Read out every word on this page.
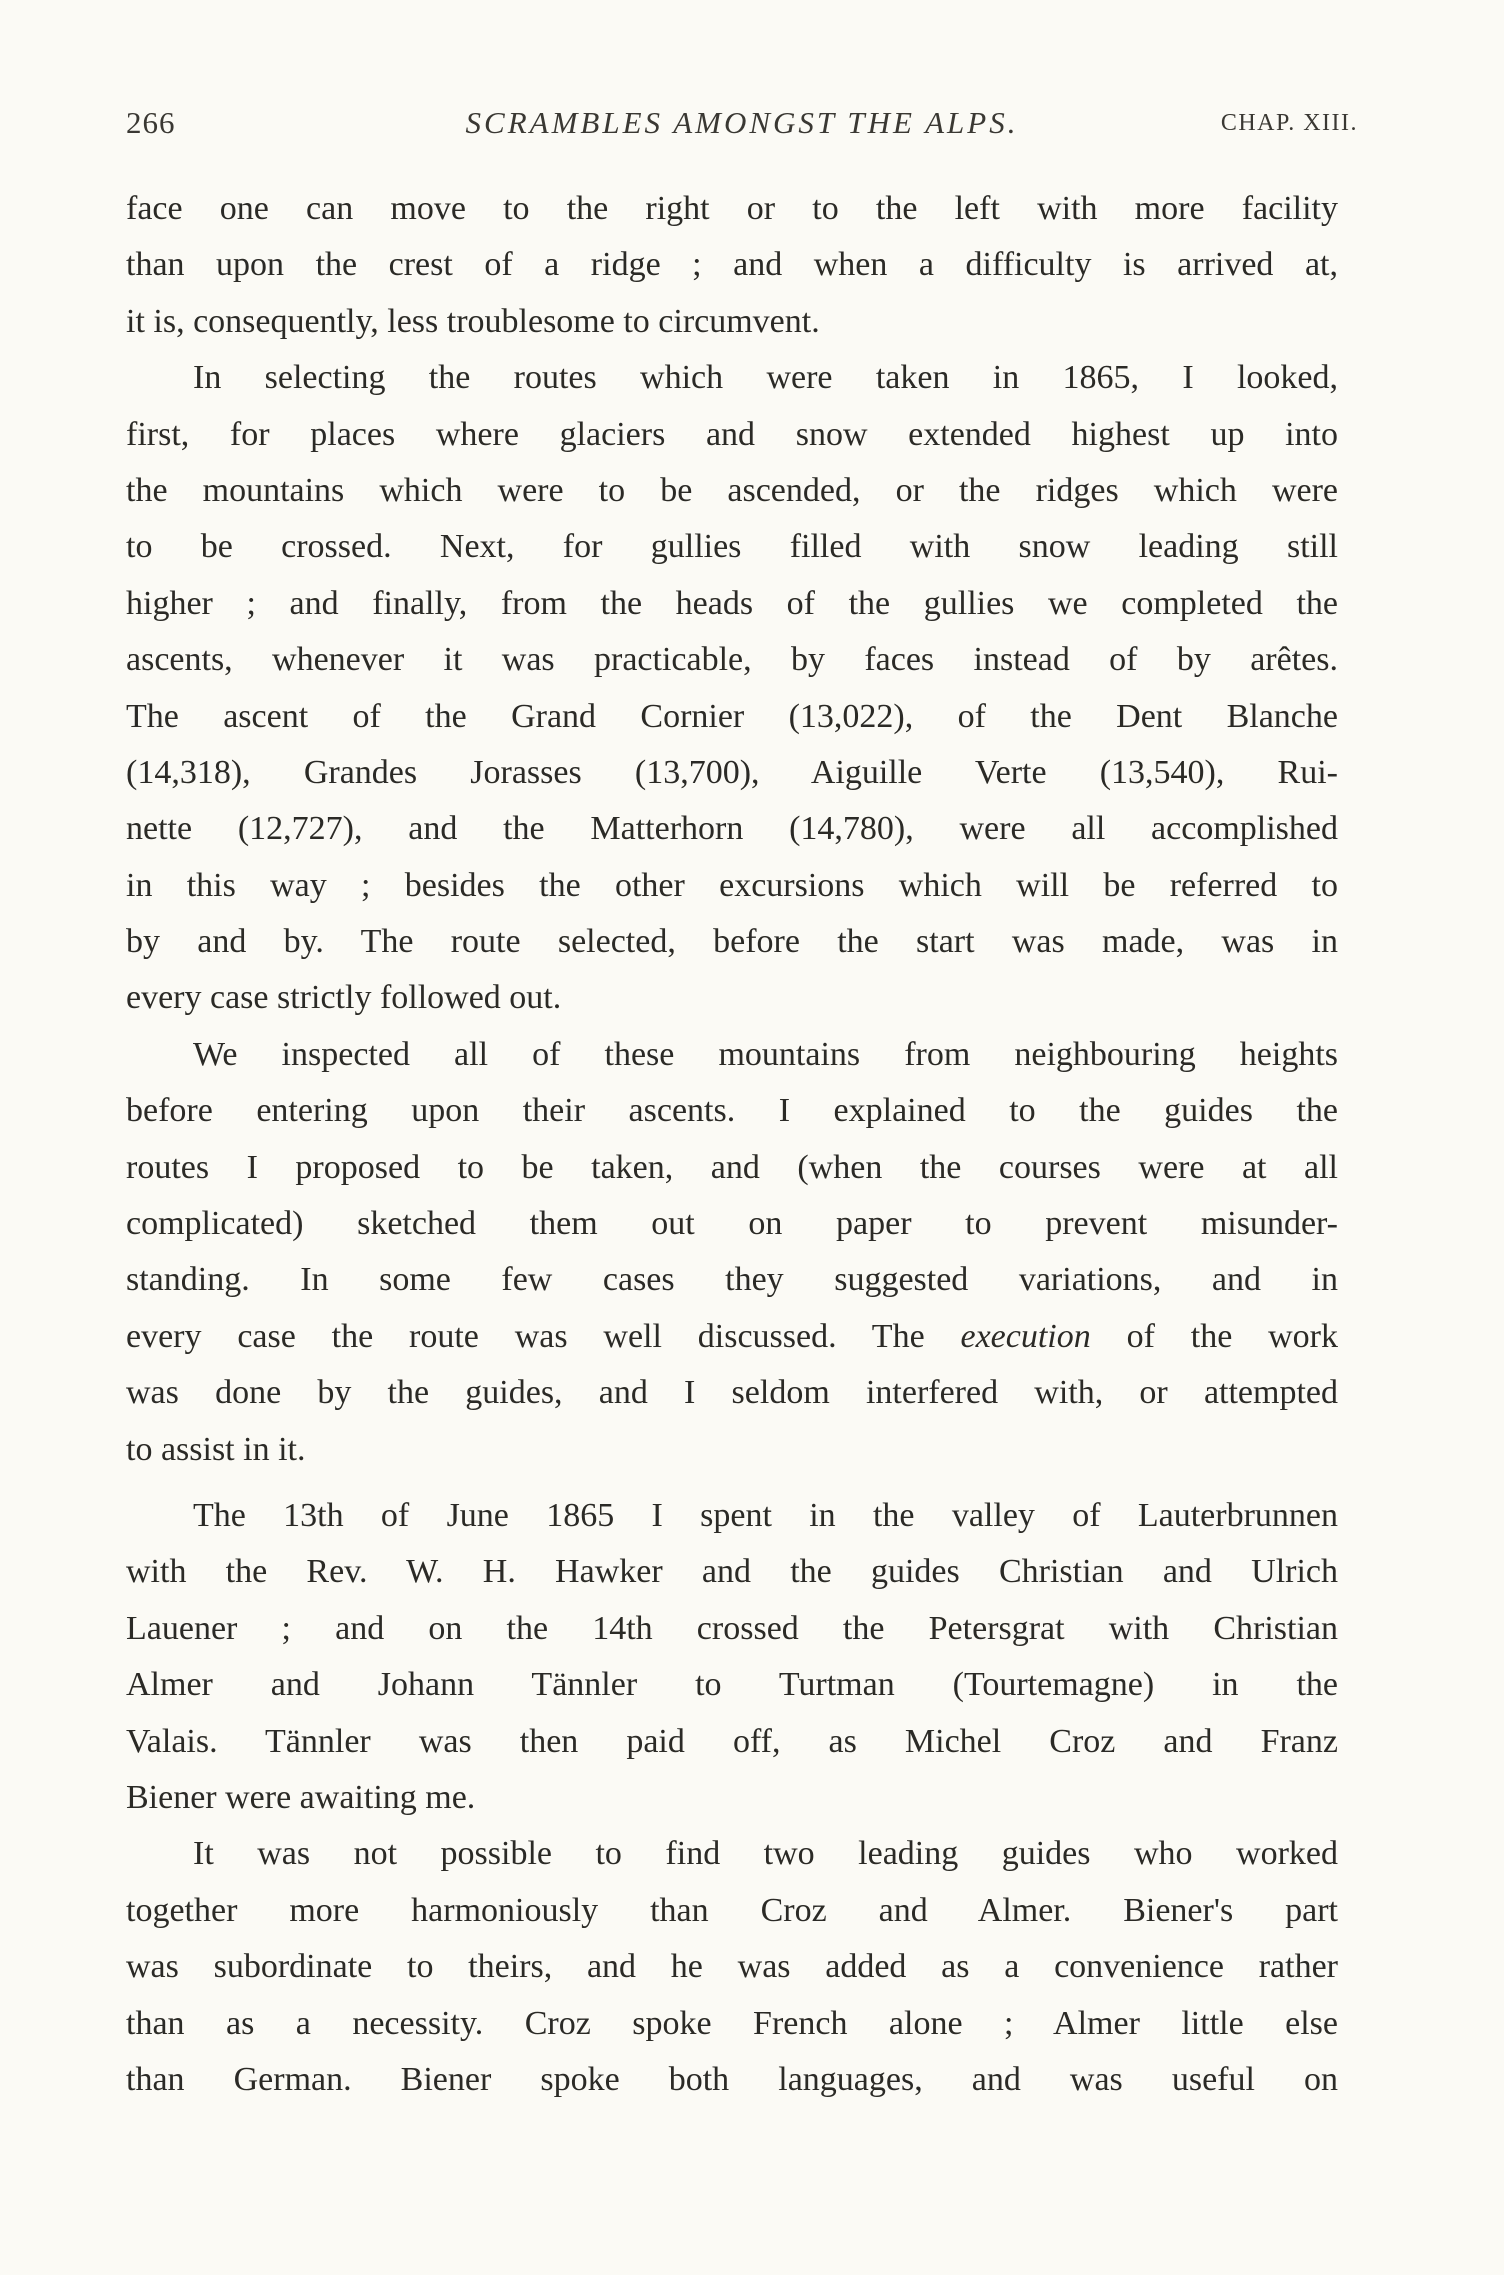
266	SCRAMBLES AMONGST THE ALPS.	CHAP. XIII.
face one can move to the right or to the left with more facility
than upon the crest of a ridge ; and when a difficulty is arrived at,
it is, consequently, less troublesome to circumvent.
In selecting the routes which were taken in 1865, I looked,
first, for places where glaciers and snow extended highest up into
the mountains which were to be ascended, or the ridges which were
to be crossed. Next, for gullies filled with snow leading still
higher ; and finally, from the heads of the gullies we completed the
ascents, whenever it was practicable, by faces instead of by arêtes.
The ascent of the Grand Cornier (13,022), of the Dent Blanche
(14,318), Grandes Jorasses (13,700), Aiguille Verte (13,540), Rui-
nette (12,727), and the Matterhorn (14,780), were all accomplished
in this way ; besides the other excursions which will be referred to
by and by. The route selected, before the start was made, was in
every case strictly followed out.
We inspected all of these mountains from neighbouring heights
before entering upon their ascents. I explained to the guides the
routes I proposed to be taken, and (when the courses were at all
complicated) sketched them out on paper to prevent misunder-
standing. In some few cases they suggested variations, and in
every case the route was well discussed. The execution of the work
was done by the guides, and I seldom interfered with, or attempted
to assist in it.
The 13th of June 1865 I spent in the valley of Lauterbrunnen
with the Rev. W. H. Hawker and the guides Christian and Ulrich
Lauener ; and on the 14th crossed the Petersgrat with Christian
Almer and Johann Tännler to Turtman (Tourtemagne) in the
Valais. Tännler was then paid off, as Michel Croz and Franz
Biener were awaiting me.
It was not possible to find two leading guides who worked
together more harmoniously than Croz and Almer. Biener's part
was subordinate to theirs, and he was added as a convenience rather
than as a necessity. Croz spoke French alone ; Almer little else
than German. Biener spoke both languages, and was useful on
